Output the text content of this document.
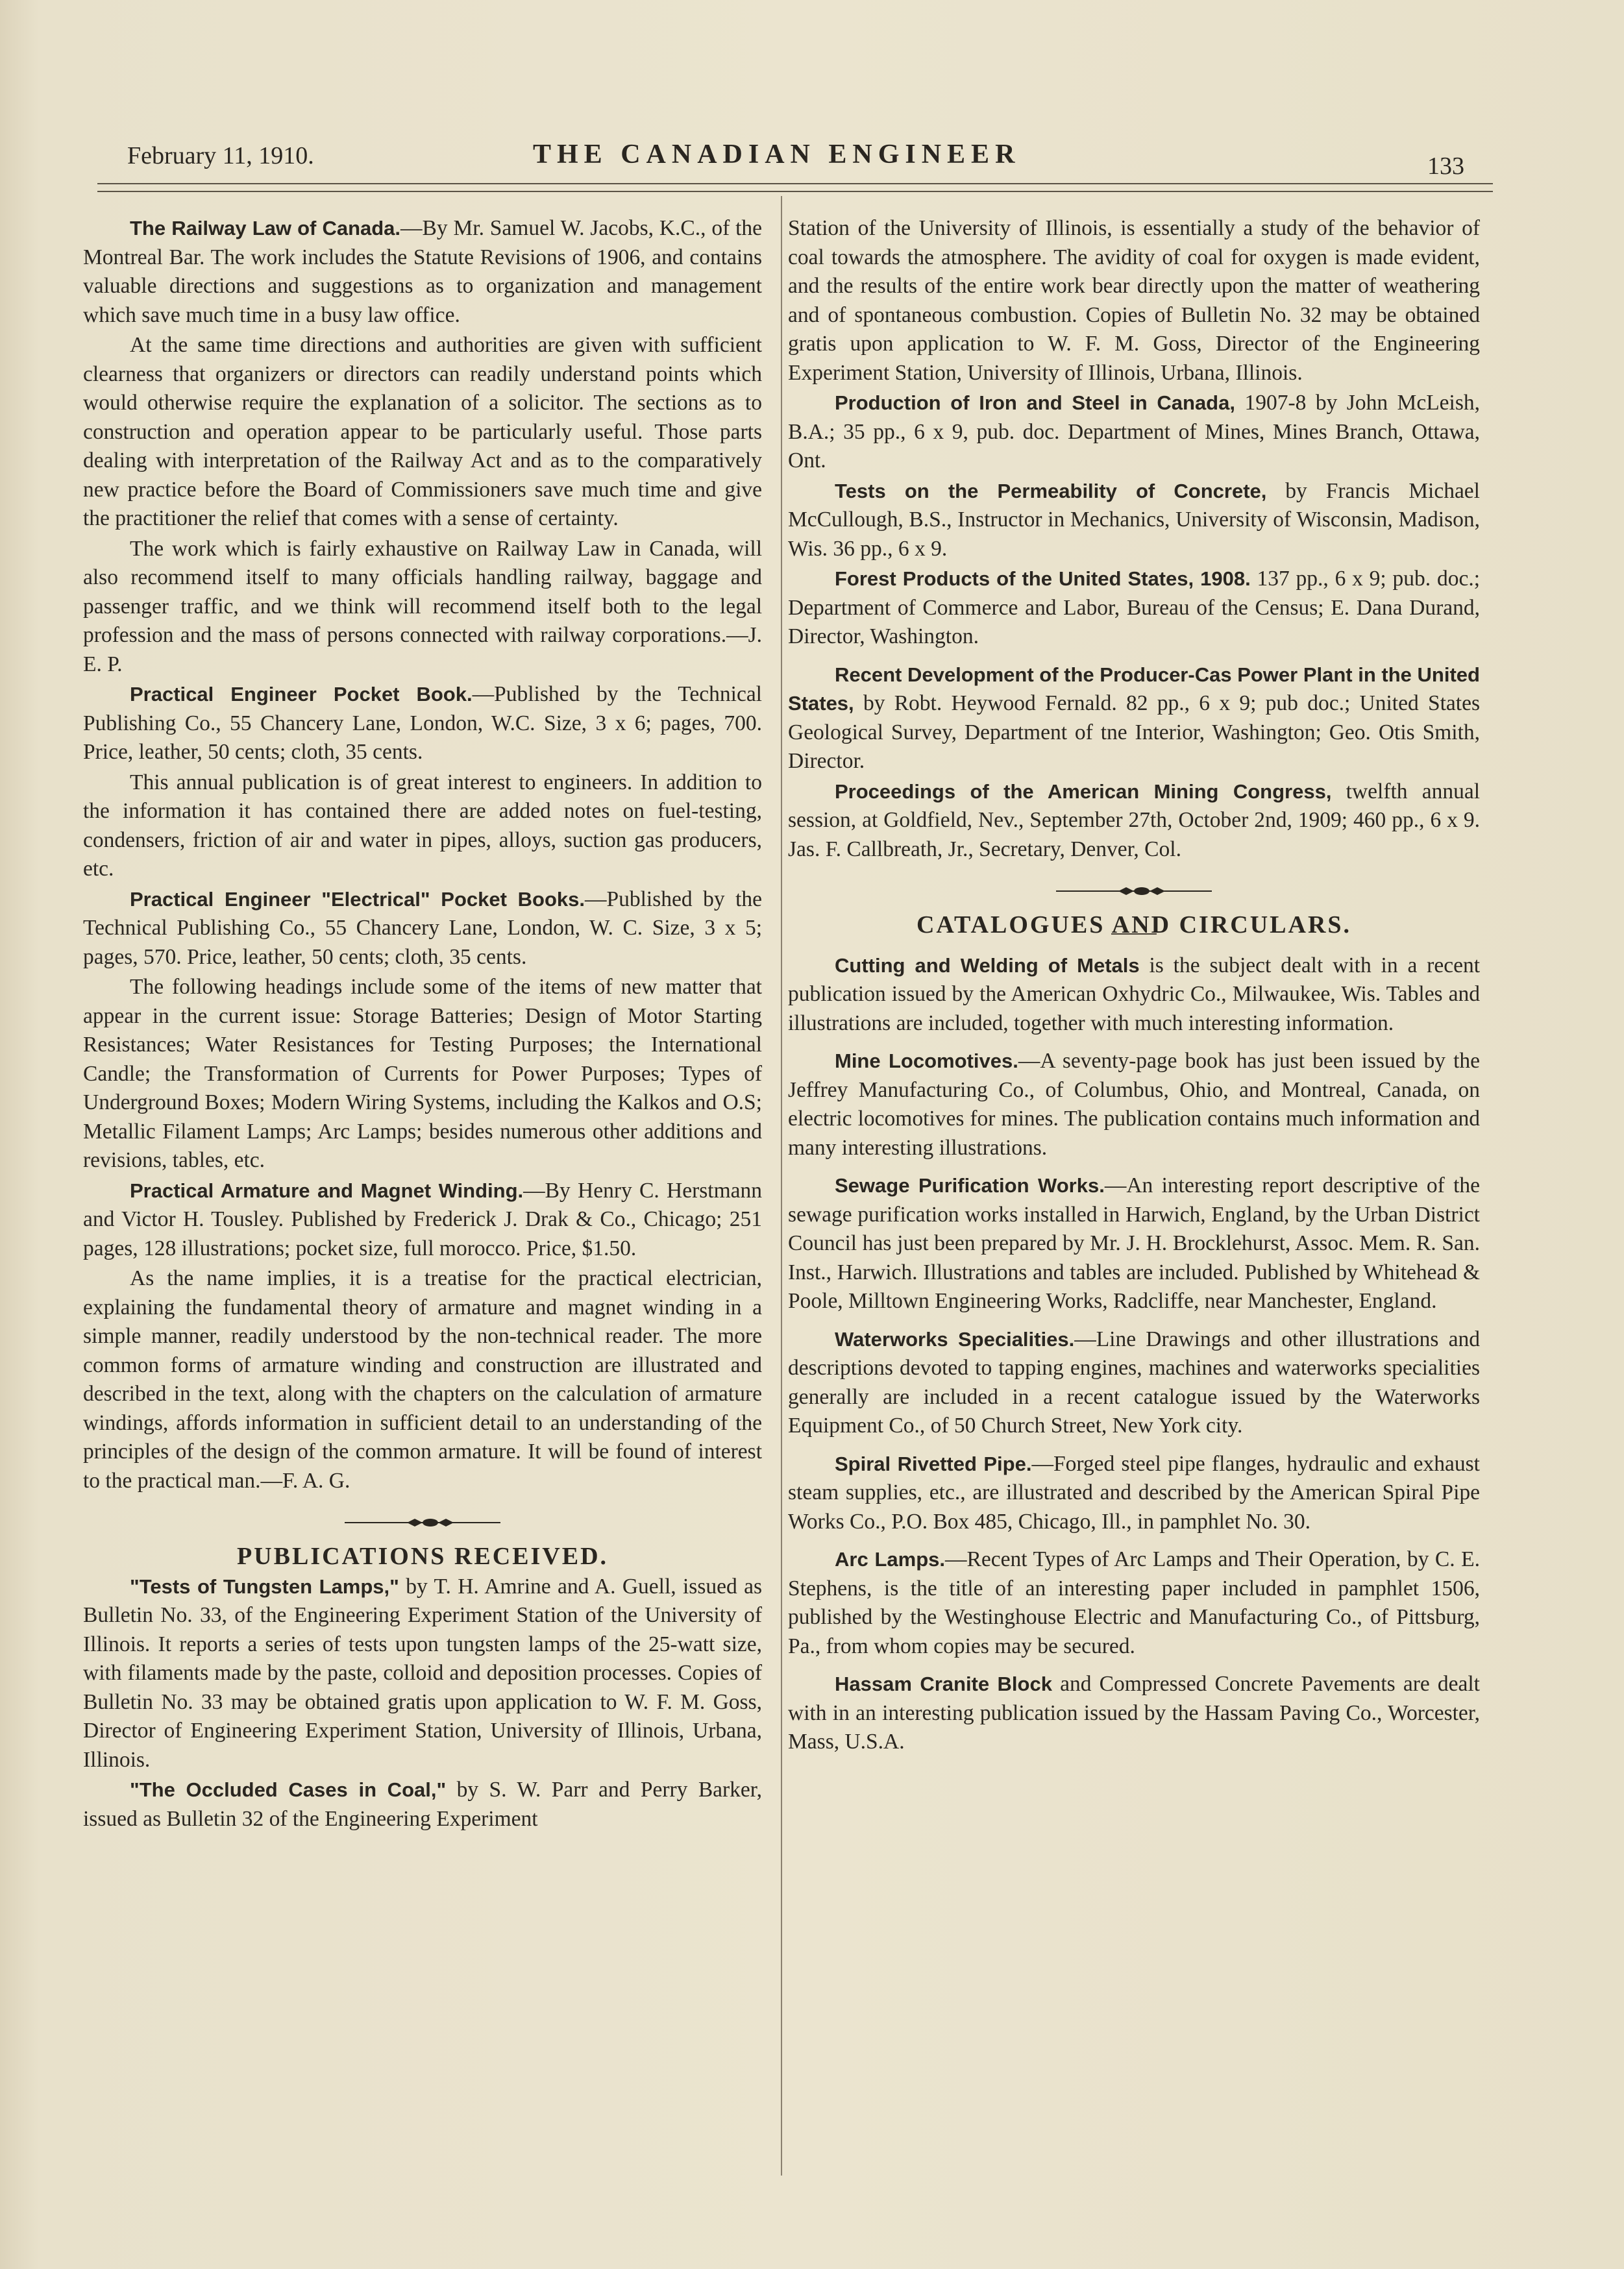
February 11, 1910.	THE CANADIAN ENGINEER	133

The Railway Law of Canada.—By Mr. Samuel W. Jacobs, K.C., of the Montreal Bar. The work includes the Statute Revisions of 1906, and contains valuable directions and suggestions as to organization and management which save much time in a busy law office.

At the same time directions and authorities are given with sufficient clearness that organizers or directors can readily understand points which would otherwise require the explanation of a solicitor. The sections as to construction and operation appear to be particularly useful. Those parts dealing with interpretation of the Railway Act and as to the comparatively new practice before the Board of Commissioners save much time and give the practitioner the relief that comes with a sense of certainty.

The work which is fairly exhaustive on Railway Law in Canada, will also recommend itself to many officials handling railway, baggage and passenger traffic, and we think will recommend itself both to the legal profession and the mass of persons connected with railway corporations.—J. E. P.

Practical Engineer Pocket Book.—Published by the Technical Publishing Co., 55 Chancery Lane, London, W.C. Size, 3 x 6; pages, 700. Price, leather, 50 cents; cloth, 35 cents.

This annual publication is of great interest to engineers. In addition to the information it has contained there are added notes on fuel-testing, condensers, friction of air and water in pipes, alloys, suction gas producers, etc.

Practical Engineer "Electrical" Pocket Books.—Published by the Technical Publishing Co., 55 Chancery Lane, London, W. C. Size, 3 x 5; pages, 570. Price, leather, 50 cents; cloth, 35 cents.

The following headings include some of the items of new matter that appear in the current issue: Storage Batteries; Design of Motor Starting Resistances; Water Resistances for Testing Purposes; the International Candle; the Transformation of Currents for Power Purposes; Types of Underground Boxes; Modern Wiring Systems, including the Kalkos and O.S; Metallic Filament Lamps; Arc Lamps; besides numerous other additions and revisions, tables, etc.

Practical Armature and Magnet Winding.—By Henry C. Herstmann and Victor H. Tousley. Published by Frederick J. Drak & Co., Chicago; 251 pages, 128 illustrations; pocket size, full morocco. Price, $1.50.

As the name implies, it is a treatise for the practical electrician, explaining the fundamental theory of armature and magnet winding in a simple manner, readily understood by the non-technical reader. The more common forms of armature winding and construction are illustrated and described in the text, along with the chapters on the calculation of armature windings, affords information in sufficient detail to an understanding of the principles of the design of the common armature. It will be found of interest to the practical man.—F. A. G.

PUBLICATIONS RECEIVED.

"Tests of Tungsten Lamps," by T. H. Amrine and A. Guell, issued as Bulletin No. 33, of the Engineering Experiment Station of the University of Illinois. It reports a series of tests upon tungsten lamps of the 25-watt size, with filaments made by the paste, colloid and deposition processes. Copies of Bulletin No. 33 may be obtained gratis upon application to W. F. M. Goss, Director of Engineering Experiment Station, University of Illinois, Urbana, Illinois.

"The Occluded Cases in Coal," by S. W. Parr and Perry Barker, issued as Bulletin 32 of the Engineering Experiment

Station of the University of Illinois, is essentially a study of the behavior of coal towards the atmosphere. The avidity of coal for oxygen is made evident, and the results of the entire work bear directly upon the matter of weathering and of spontaneous combustion. Copies of Bulletin No. 32 may be obtained gratis upon application to W. F. M. Goss, Director of the Engineering Experiment Station, University of Illinois, Urbana, Illinois.

Production of Iron and Steel in Canada, 1907-8 by John McLeish, B.A.; 35 pp., 6 x 9, pub. doc. Department of Mines, Mines Branch, Ottawa, Ont.

Tests on the Permeability of Concrete, by Francis Michael McCullough, B.S., Instructor in Mechanics, University of Wisconsin, Madison, Wis. 36 pp., 6 x 9.

Forest Products of the United States, 1908. 137 pp., 6 x 9; pub. doc.; Department of Commerce and Labor, Bureau of the Census; E. Dana Durand, Director, Washington.

Recent Development of the Producer-Cas Power Plant in the United States, by Robt. Heywood Fernald. 82 pp., 6 x 9; pub doc.; United States Geological Survey, Department of tne Interior, Washington; Geo. Otis Smith, Director.

Proceedings of the American Mining Congress, twelfth annual session, at Goldfield, Nev., September 27th, October 2nd, 1909; 460 pp., 6 x 9. Jas. F. Callbreath, Jr., Secretary, Denver, Col.

CATALOGUES AND CIRCULARS.

Cutting and Welding of Metals is the subject dealt with in a recent publication issued by the American Oxhydric Co., Milwaukee, Wis. Tables and illustrations are included, together with much interesting information.

Mine Locomotives.—A seventy-page book has just been issued by the Jeffrey Manufacturing Co., of Columbus, Ohio, and Montreal, Canada, on electric locomotives for mines. The publication contains much information and many interesting illustrations.

Sewage Purification Works.—An interesting report descriptive of the sewage purification works installed in Harwich, England, by the Urban District Council has just been prepared by Mr. J. H. Brocklehurst, Assoc. Mem. R. San. Inst., Harwich. Illustrations and tables are included. Published by Whitehead & Poole, Milltown Engineering Works, Radcliffe, near Manchester, England.

Waterworks Specialities.—Line Drawings and other illustrations and descriptions devoted to tapping engines, machines and waterworks specialities generally are included in a recent catalogue issued by the Waterworks Equipment Co., of 50 Church Street, New York city.

Spiral Rivetted Pipe.—Forged steel pipe flanges, hydraulic and exhaust steam supplies, etc., are illustrated and described by the American Spiral Pipe Works Co., P.O. Box 485, Chicago, Ill., in pamphlet No. 30.

Arc Lamps.—Recent Types of Arc Lamps and Their Operation, by C. E. Stephens, is the title of an interesting paper included in pamphlet 1506, published by the Westinghouse Electric and Manufacturing Co., of Pittsburg, Pa., from whom copies may be secured.

Hassam Cranite Block and Compressed Concrete Pavements are dealt with in an interesting publication issued by the Hassam Paving Co., Worcester, Mass, U.S.A.
